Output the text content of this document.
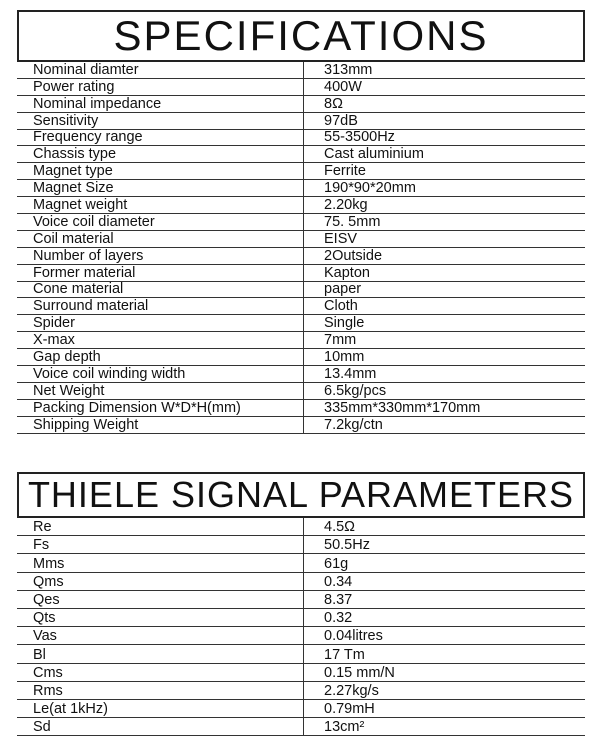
SPECIFICATIONS
Nominal diamter	313mm
Power rating	400W
Nominal impedance	8Ω
Sensitivity	97dB
Frequency range	55-3500Hz
Chassis type	Cast aluminium
Magnet type	Ferrite
Magnet Size	190*90*20mm
Magnet weight	2.20kg
Voice coil diameter	75. 5mm
Coil material	EISV
Number of layers	2Outside
Former material	Kapton
Cone material	paper
Surround material	Cloth
Spider	Single
X-max	7mm
Gap depth	10mm
Voice coil winding width	13.4mm
Net Weight	6.5kg/pcs
Packing Dimension W*D*H(mm)	335mm*330mm*170mm
Shipping Weight	7.2kg/ctn
THIELE SIGNAL PARAMETERS
Re	4.5Ω
Fs	50.5Hz
Mms	61g
Qms	0.34
Qes	8.37
Qts	0.32
Vas	0.04litres
Bl	17 Tm
Cms	0.15 mm/N
Rms	2.27kg/s
Le(at 1kHz)	0.79mH
Sd	13cm²
